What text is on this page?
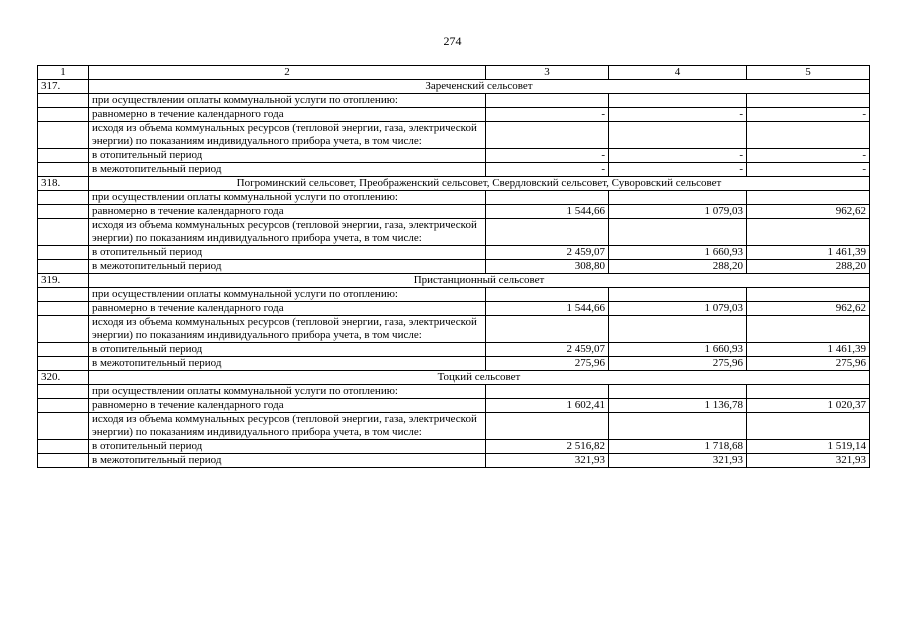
274
1	2	3	4	5
317.	Зареченский сельсовет			
	при осуществлении оплаты коммунальной услуги по отоплению:			
	равномерно в течение календарного года	-	-	-
	исходя из объема коммунальных ресурсов (тепловой энергии, газа, электрической энергии) по показаниям индивидуального прибора учета, в том числе:			
	в отопительный период	-	-	-
	в межотопительный период	-	-	-
318.	Погроминский сельсовет, Преображенский сельсовет, Свердловский сельсовет, Суворовский сельсовет			
	при осуществлении оплаты коммунальной услуги по отоплению:			
	равномерно в течение календарного года	1 544,66	1 079,03	962,62
	исходя из объема коммунальных ресурсов (тепловой энергии, газа, электрической энергии) по показаниям индивидуального прибора учета, в том числе:			
	в отопительный период	2 459,07	1 660,93	1 461,39
	в межотопительный период	308,80	288,20	288,20
319.	Пристанционный сельсовет			
	при осуществлении оплаты коммунальной услуги по отоплению:			
	равномерно в течение календарного года	1 544,66	1 079,03	962,62
	исходя из объема коммунальных ресурсов (тепловой энергии, газа, электрической энергии) по показаниям индивидуального прибора учета, в том числе:			
	в отопительный период	2 459,07	1 660,93	1 461,39
	в межотопительный период	275,96	275,96	275,96
320.	Тоцкий сельсовет			
	при осуществлении оплаты коммунальной услуги по отоплению:			
	равномерно в течение календарного года	1 602,41	1 136,78	1 020,37
	исходя из объема коммунальных ресурсов (тепловой энергии, газа, электрической энергии) по показаниям индивидуального прибора учета, в том числе:			
	в отопительный период	2 516,82	1 718,68	1 519,14
	в межотопительный период	321,93	321,93	321,93
